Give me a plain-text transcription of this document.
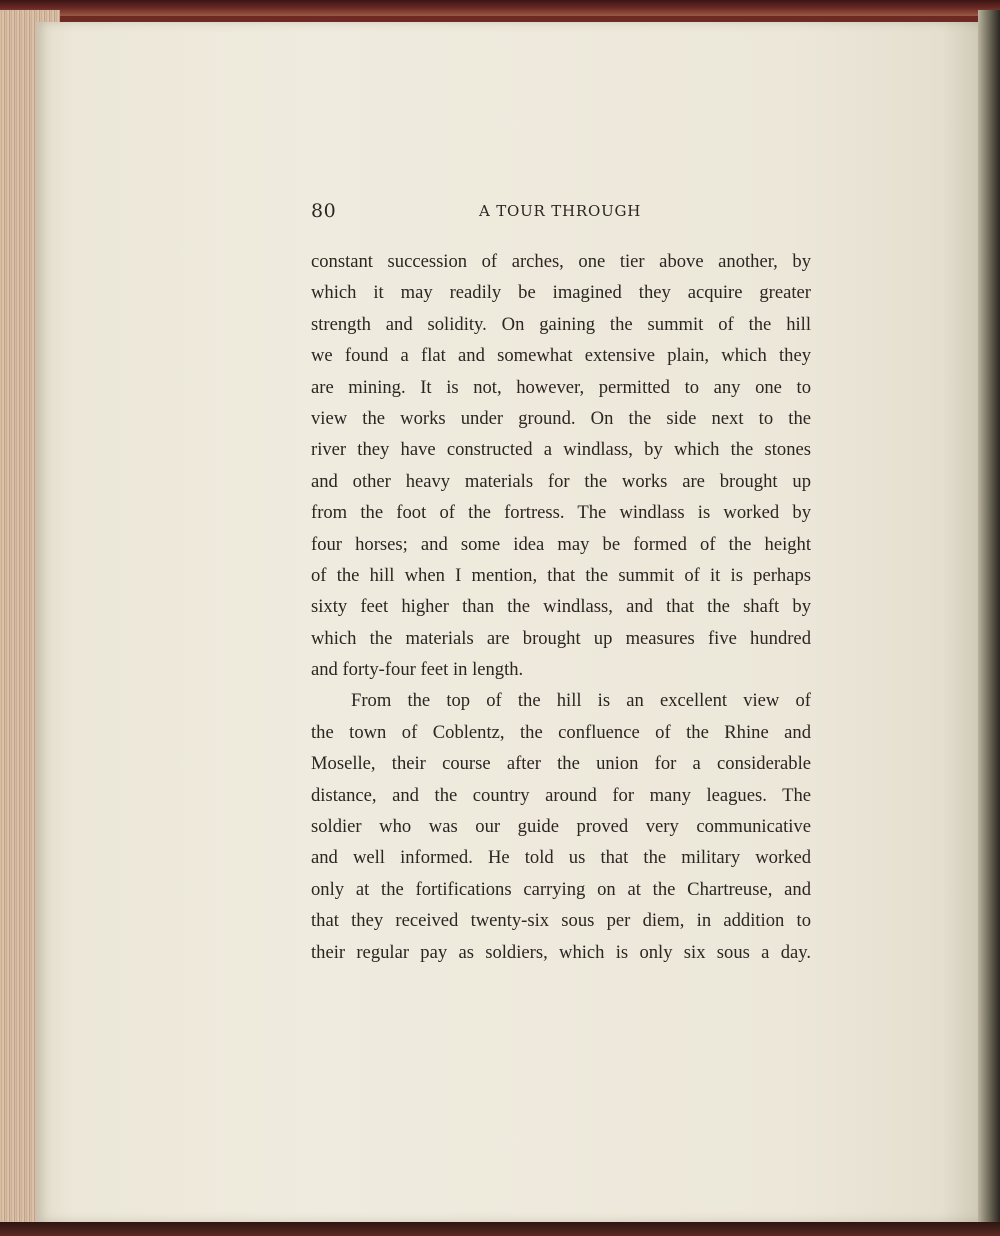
80	A TOUR THROUGH
constant succession of arches, one tier above another, by
which it may readily be imagined they acquire greater
strength and solidity. On gaining the summit of the hill
we found a flat and somewhat extensive plain, which they
are mining. It is not, however, permitted to any one to
view the works under ground. On the side next to the
river they have constructed a windlass, by which the stones
and other heavy materials for the works are brought up
from the foot of the fortress. The windlass is worked by
four horses; and some idea may be formed of the height
of the hill when I mention, that the summit of it is perhaps
sixty feet higher than the windlass, and that the shaft by
which the materials are brought up measures five hundred
and forty-four feet in length.
From the top of the hill is an excellent view of
the town of Coblentz, the confluence of the Rhine and
Moselle, their course after the union for a considerable
distance, and the country around for many leagues. The
soldier who was our guide proved very communicative
and well informed. He told us that the military worked
only at the fortifications carrying on at the Chartreuse, and
that they received twenty-six sous per diem, in addition to
their regular pay as soldiers, which is only six sous a day.
